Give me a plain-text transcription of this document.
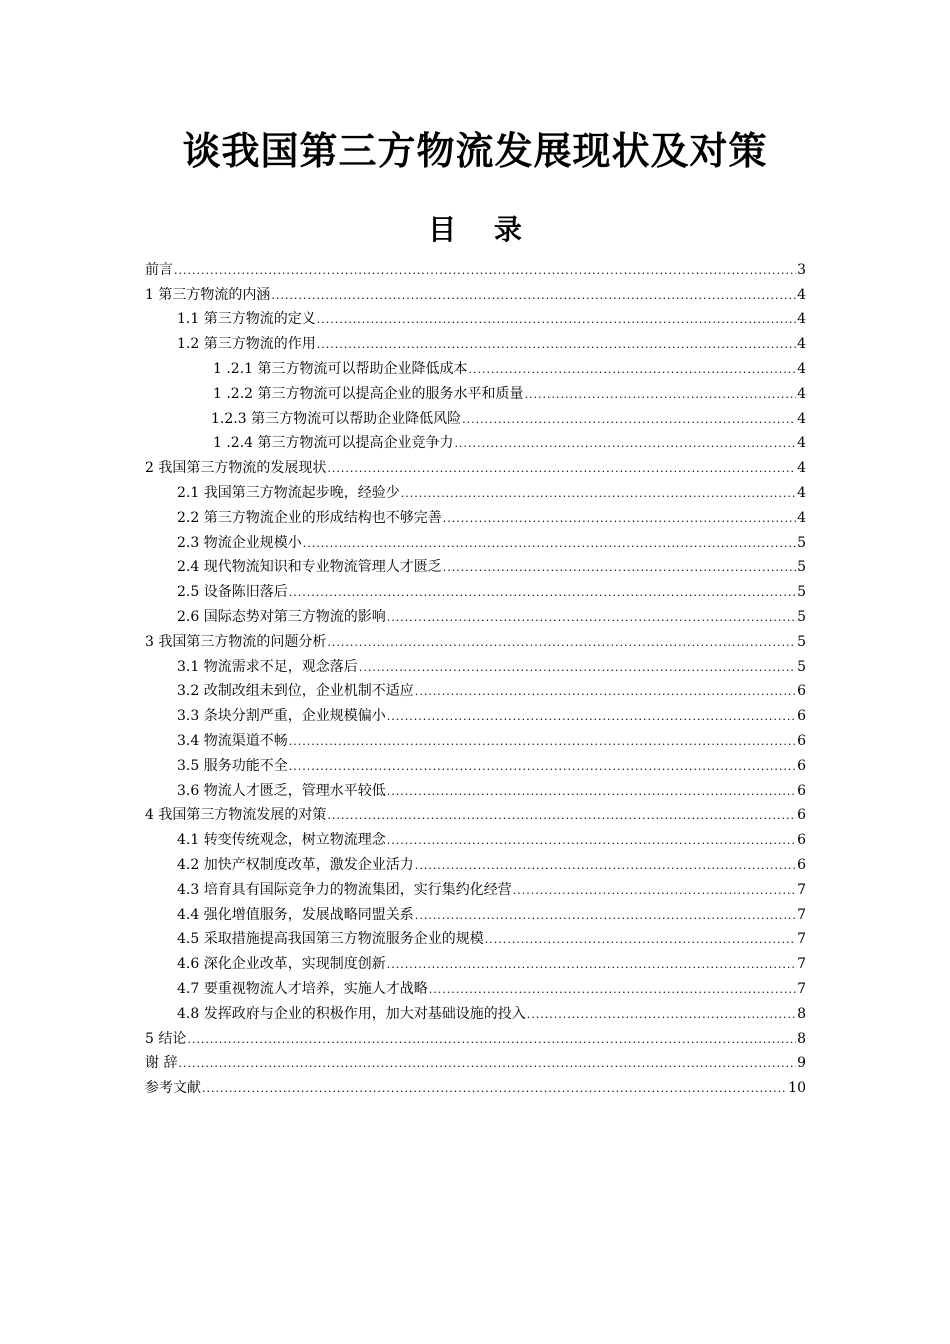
谈我国第三方物流发展现状及对策
目 录
前言 .....	3
1 第三方物流的内涵 .....	4
1.1 第三方物流的定义 .....	4
1.2 第三方物流的作用 .....	4
1 .2.1 第三方物流可以帮助企业降低成本 .....	4
1 .2.2 第三方物流可以提高企业的服务水平和质量 .....	4
1.2.3 第三方物流可以帮助企业降低风险 .....	4
1 .2.4 第三方物流可以提高企业竞争力 .....	4
2 我国第三方物流的发展现状 .....	4
2.1 我国第三方物流起步晚，经验少 .....	4
2.2 第三方物流企业的形成结构也不够完善 .....	4
2.3 物流企业规模小 .....	5
2.4 现代物流知识和专业物流管理人才匮乏 .....	5
2.5 设备陈旧落后 .....	5
2.6 国际态势对第三方物流的影响 .....	5
3 我国第三方物流的问题分析 .....	5
3.1 物流需求不足，观念落后 .....	5
3.2 改制改组未到位，企业机制不适应 .....	6
3.3 条块分割严重，企业规模偏小 .....	6
3.4 物流渠道不畅 .....	6
3.5 服务功能不全 .....	6
3.6 物流人才匮乏，管理水平较低 .....	6
4 我国第三方物流发展的对策 .....	6
4.1 转变传统观念，树立物流理念 .....	6
4.2 加快产权制度改革，激发企业活力 .....	6
4.3 培育具有国际竞争力的物流集团，实行集约化经营 .....	7
4.4 强化增值服务，发展战略同盟关系 .....	7
4.5 采取措施提高我国第三方物流服务企业的规模 .....	7
4.6 深化企业改革，实现制度创新 .....	7
4.7 要重视物流人才培养，实施人才战略 .....	7
4.8 发挥政府与企业的积极作用，加大对基础设施的投入 .....	8
5 结论 .....	8
谢 辞 .....	9
参考文献 .....	10
